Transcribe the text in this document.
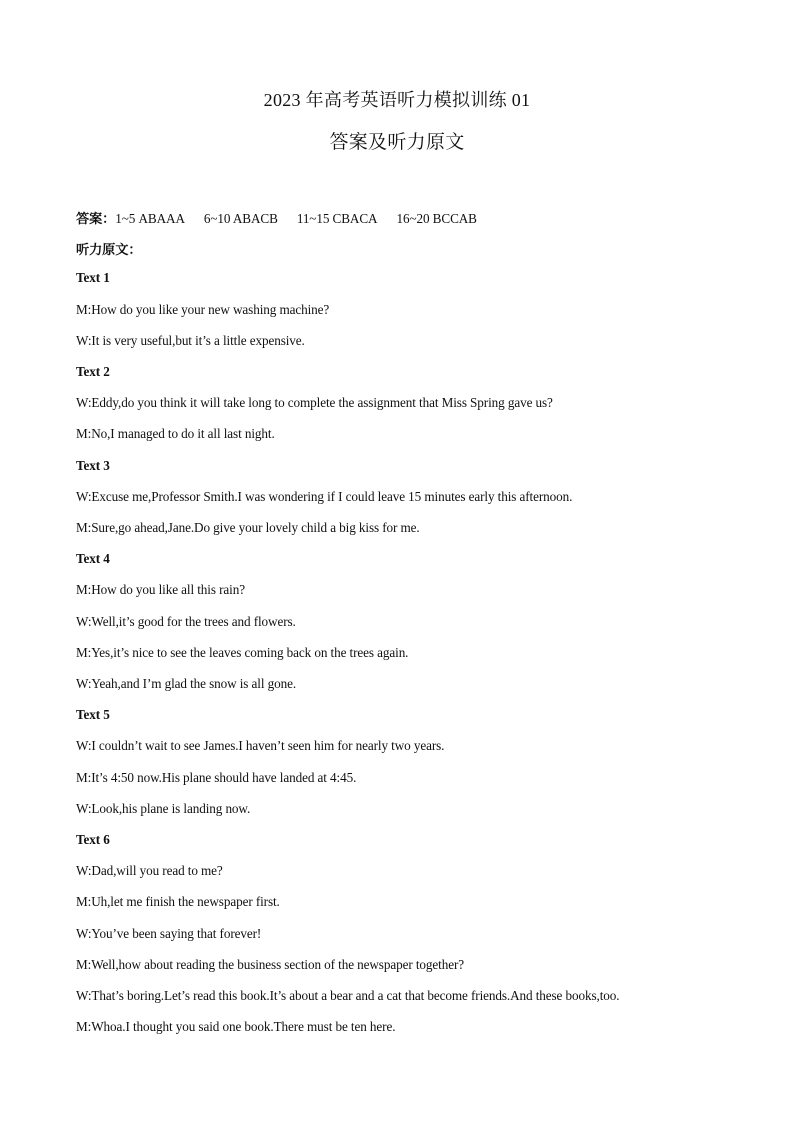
2023 年高考英语听力模拟训练 01
答案及听力原文
答案：1~5 ABAAA 6~10 ABACB 11~15 CBACA 16~20 BCCAB
听力原文：
Text 1
M:How do you like your new washing machine?
W:It is very useful,but it’s a little expensive.
Text 2
W:Eddy,do you think it will take long to complete the assignment that Miss Spring gave us?
M:No,I managed to do it all last night.
Text 3
W:Excuse me,Professor Smith.I was wondering if I could leave 15 minutes early this afternoon.
M:Sure,go ahead,Jane.Do give your lovely child a big kiss for me.
Text 4
M:How do you like all this rain?
W:Well,it’s good for the trees and flowers.
M:Yes,it’s nice to see the leaves coming back on the trees again.
W:Yeah,and I’m glad the snow is all gone.
Text 5
W:I couldn’t wait to see James.I haven’t seen him for nearly two years.
M:It’s 4:50 now.His plane should have landed at 4:45.
W:Look,his plane is landing now.
Text 6
W:Dad,will you read to me?
M:Uh,let me finish the newspaper first.
W:You’ve been saying that forever!
M:Well,how about reading the business section of the newspaper together?
W:That’s boring.Let’s read this book.It’s about a bear and a cat that become friends.And these books,too.
M:Whoa.I thought you said one book.There must be ten here.
